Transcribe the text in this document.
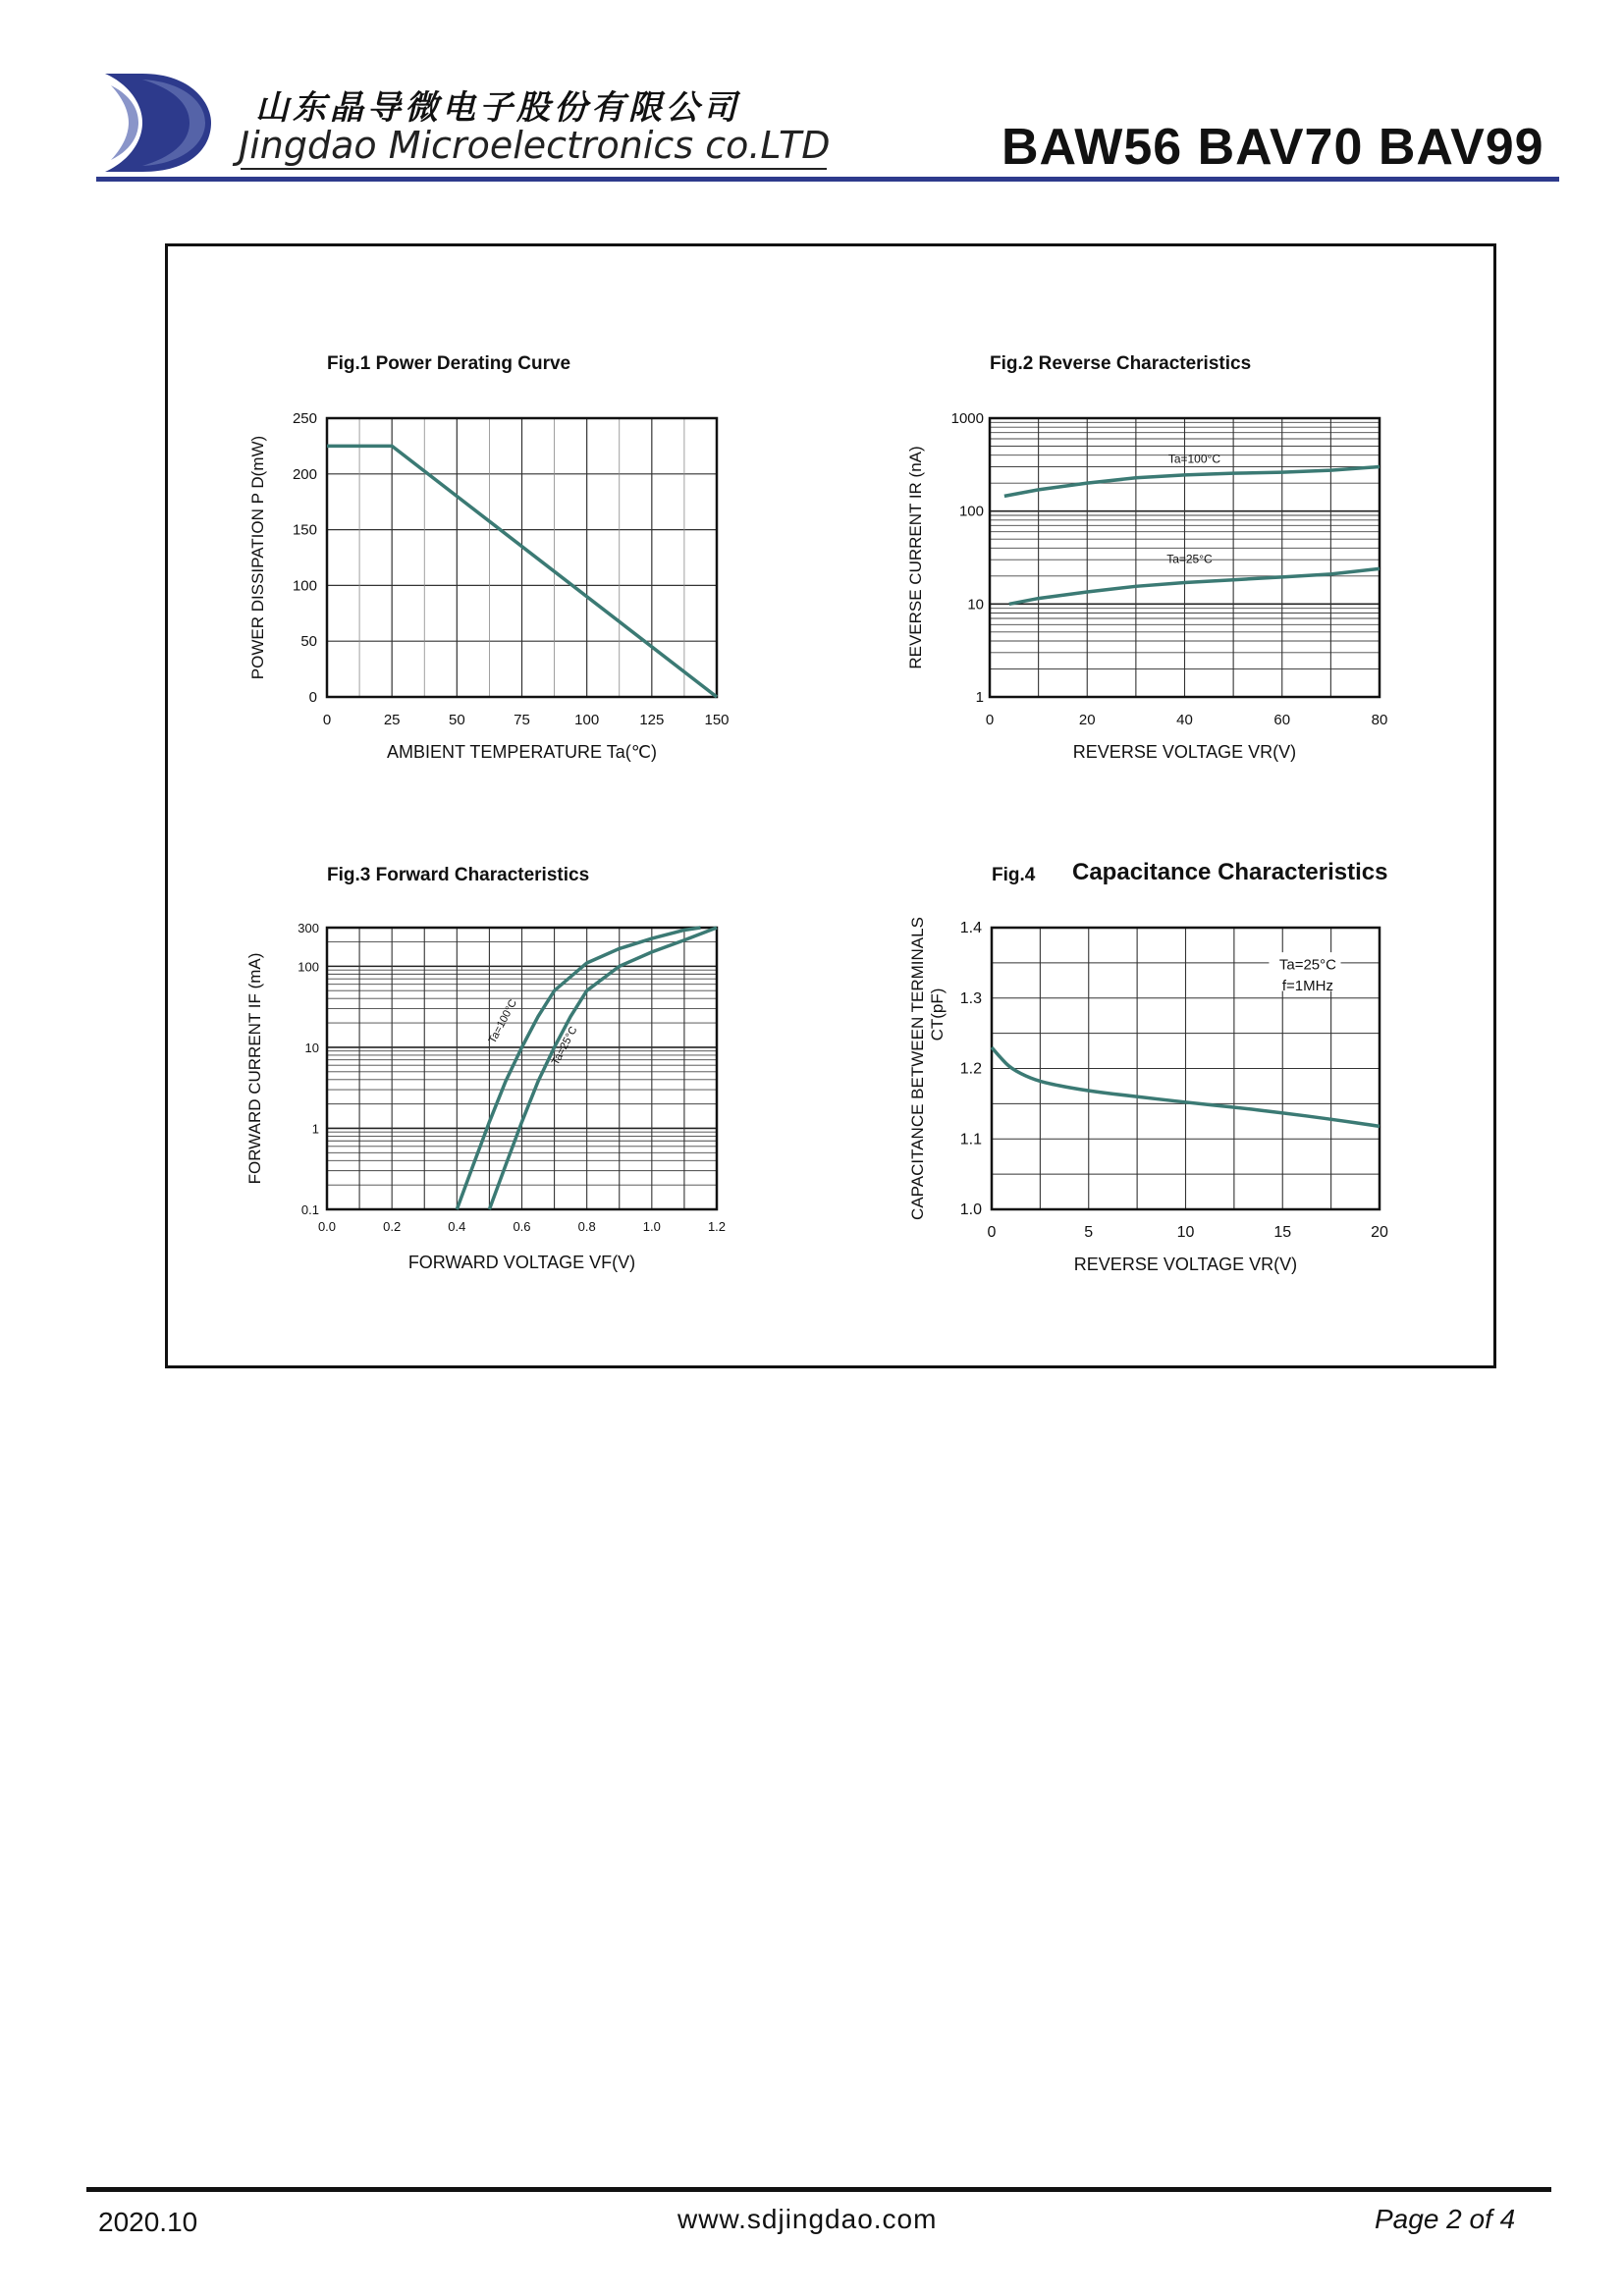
山东晶导微电子股份有限公司
Jingdao Microelectronics co.LTD	BAW56 BAV70 BAV99
0	25	50	75	100	125	150
0
50
100
150
200
250
Fig.1 Power Derating Curve
AMBIENT TEMPERATURE Ta(℃)
POWER DISSIPATION P D(mW)
0	20	40	60	80
1
10
100
1000
Ta=100°C
Ta=25°C
Fig.2 Reverse Characteristics
REVERSE VOLTAGE VR(V)
REVERSE CURRENT IR (nA)
0.0	0.2	0.4	0.6	0.8	1.0	1.2
0.1
1
10
100
300
Ta=100°C
Ta=25°C
Fig.3 Forward Characteristics
FORWARD VOLTAGE VF(V)
FORWARD CURRENT IF (mA)
0	5	10	15	20
1.0
1.1
1.2
1.3
1.4
Ta=25°C
f=1MHz
Fig.4 Capacitance Characteristics
REVERSE VOLTAGE VR(V)
CAPACITANCE BETWEEN TERMINALS CT(pF)
2020.10	www.sdjingdao.com	Page 2 of 4
